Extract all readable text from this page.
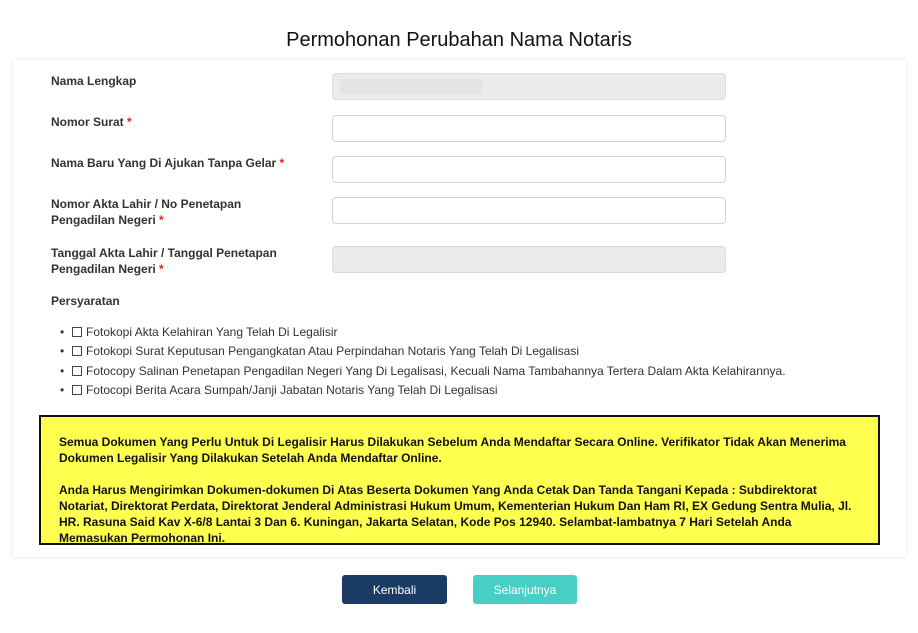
Permohonan Perubahan Nama Notaris
Nama Lengkap
Nomor Surat *
Nama Baru Yang Di Ajukan Tanpa Gelar *
Nomor Akta Lahir / No Penetapan Pengadilan Negeri *
Tanggal Akta Lahir / Tanggal Penetapan Pengadilan Negeri *
Persyaratan
•	Fotokopi Akta Kelahiran Yang Telah Di Legalisir
•	Fotokopi Surat Keputusan Pengangkatan Atau Perpindahan Notaris Yang Telah Di Legalisasi
•	Fotocopy Salinan Penetapan Pengadilan Negeri Yang Di Legalisasi, Kecuali Nama Tambahannya Tertera Dalam Akta Kelahirannya.
•	Fotocopi Berita Acara Sumpah/Janji Jabatan Notaris Yang Telah Di Legalisasi

Semua Dokumen Yang Perlu Untuk Di Legalisir Harus Dilakukan Sebelum Anda Mendaftar Secara Online. Verifikator Tidak Akan Menerima Dokumen Legalisir Yang Dilakukan Setelah Anda Mendaftar Online.

Anda Harus Mengirimkan Dokumen-dokumen Di Atas Beserta Dokumen Yang Anda Cetak Dan Tanda Tangani Kepada : Subdirektorat Notariat, Direktorat Perdata, Direktorat Jenderal Administrasi Hukum Umum, Kementerian Hukum Dan Ham RI, EX Gedung Sentra Mulia, Jl. HR. Rasuna Said Kav X-6/8 Lantai 3 Dan 6. Kuningan, Jakarta Selatan, Kode Pos 12940. Selambat-lambatnya 7 Hari Setelah Anda Memasukan Permohonan Ini.

Kembali	Selanjutnya
